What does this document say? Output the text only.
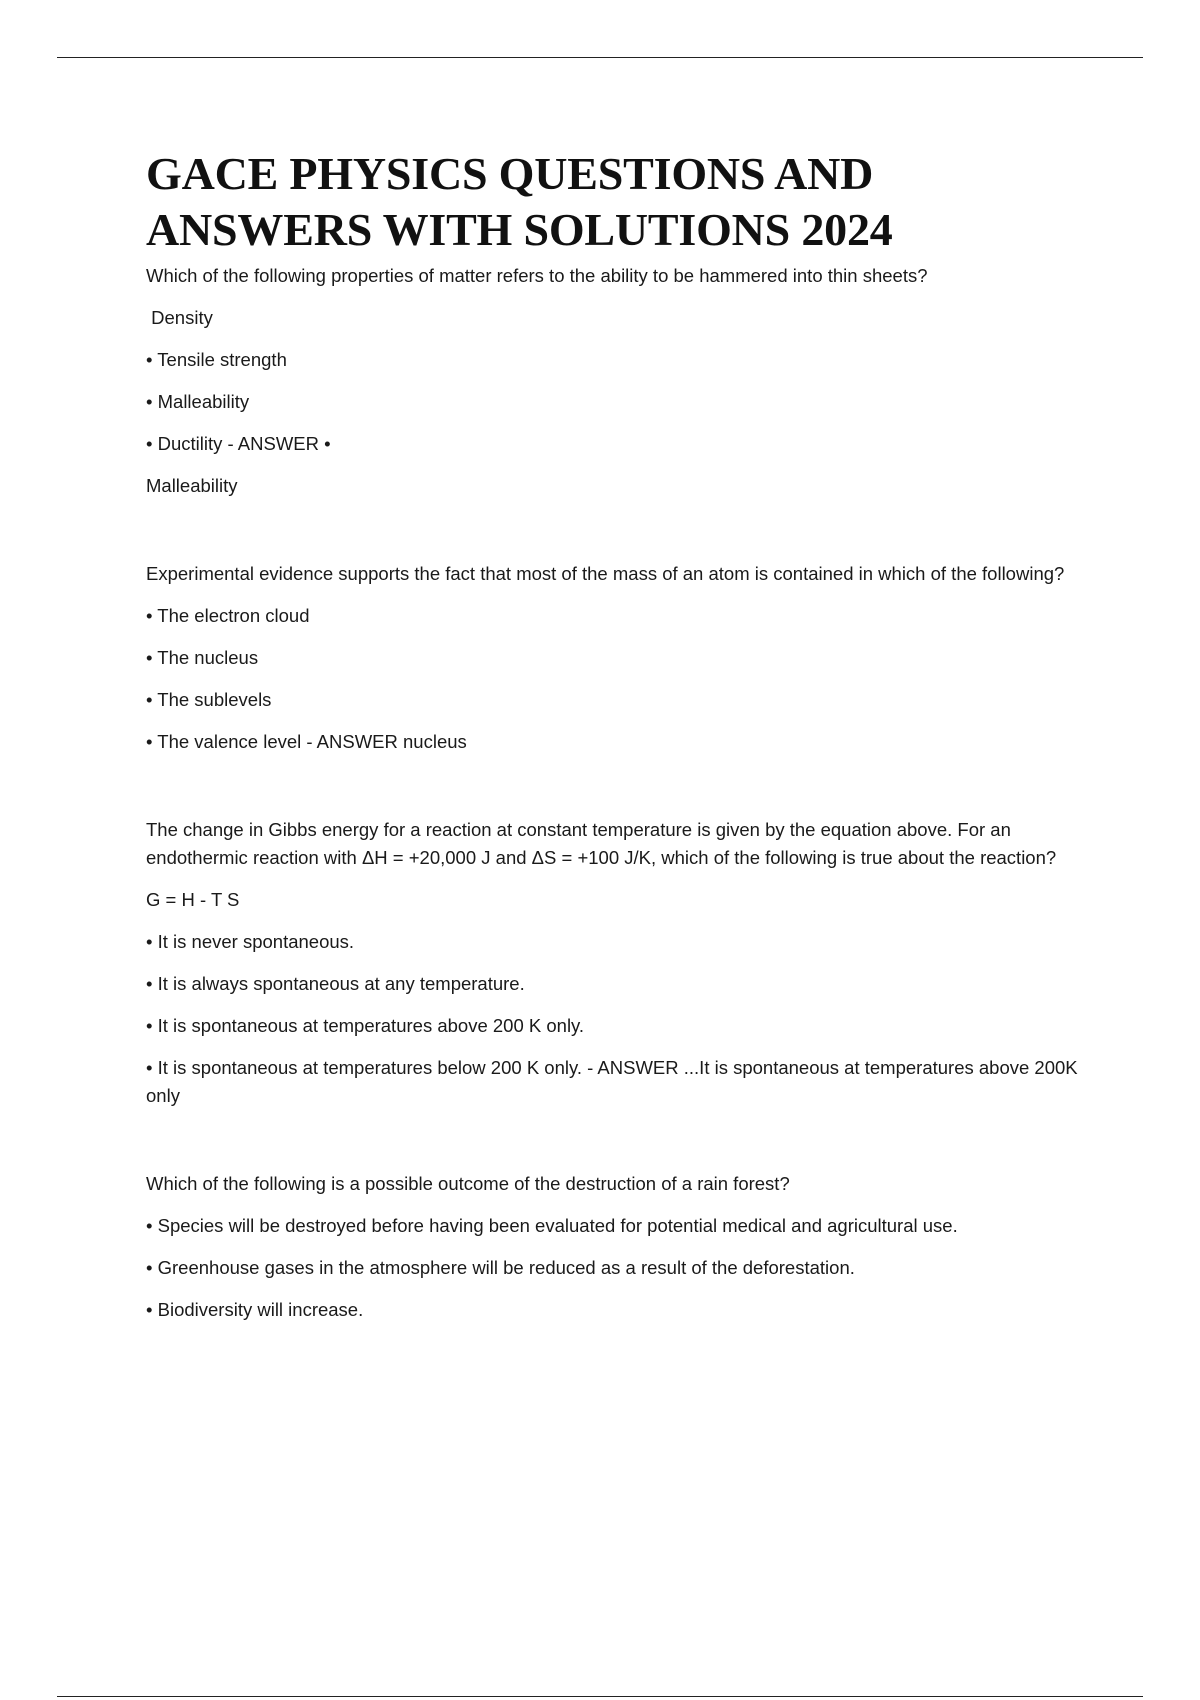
GACE PHYSICS QUESTIONS AND
ANSWERS WITH SOLUTIONS 2024

Which of the following properties of matter refers to the ability to be hammered into thin sheets?

Density

• Tensile strength

• Malleability

• Ductility - ANSWER •

Malleability

Experimental evidence supports the fact that most of the mass of an atom is contained in which of the following?

• The electron cloud

• The nucleus

• The sublevels

• The valence level - ANSWER nucleus

The change in Gibbs energy for a reaction at constant temperature is given by the equation above. For an endothermic reaction with ΔH = +20,000 J and ΔS = +100 J/K, which of the following is true about the reaction?

G = H - T S

• It is never spontaneous.

• It is always spontaneous at any temperature.

• It is spontaneous at temperatures above 200 K only.

• It is spontaneous at temperatures below 200 K only. - ANSWER ...It is spontaneous at temperatures above 200K only

Which of the following is a possible outcome of the destruction of a rain forest?

• Species will be destroyed before having been evaluated for potential medical and agricultural use.

• Greenhouse gases in the atmosphere will be reduced as a result of the deforestation.

• Biodiversity will increase.
